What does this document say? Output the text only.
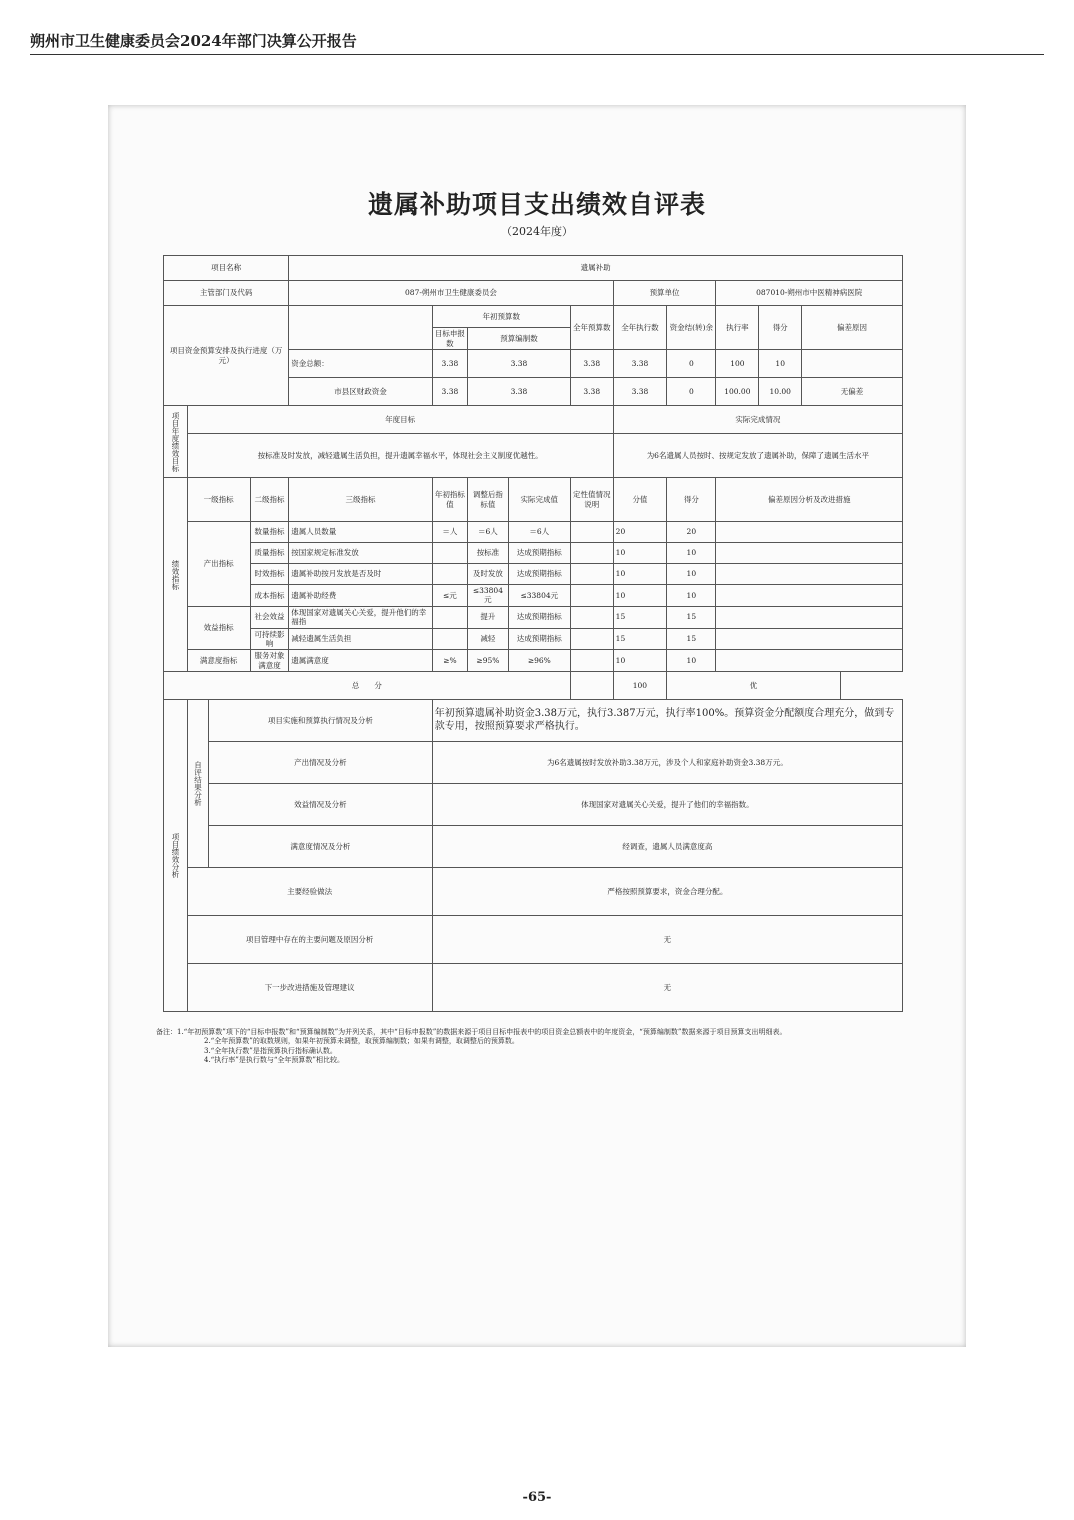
朔州市卫生健康委员会2024年部门决算公开报告
遗属补助项目支出绩效自评表
（2024年度）
项目名称				遗属补助									
主管部门及代码				087-朔州市卫生健康委员会					预算单位		087010-朔州市中医精神病医院		
项目资金预算安排及执行进度（万元）					年初预算数			全年预算数	全年执行数	资金结(转)余	执行率	得分	偏差原因
					目标申报数	预算编制数							
				资金总额：	3.38	3.38		3.38	3.38	0	100	10	
				市县区财政资金	3.38	3.38		3.38	3.38	0	100.00	10.00	无偏差
项目年度绩效目标	年度目标								实际完成情况				
	按标准及时发放，减轻遗属生活负担，提升遗属幸福水平，体现社会主义制度优越性。								为6名遗属人员按时、按规定发放了遗属补助，保障了遗属生活水平				
绩效指标	一级指标		二级指标	三级指标	年初指标值	调整后指标值	实际完成值	定性值情况说明	分值	得分	偏差原因分析及改进措施		
	产出指标		数量指标	遗属人员数量	＝人	＝6人	＝6人		20	20			
			质量指标	按国家规定标准发放		按标准	达成预期指标		10	10			
			时效指标	遗属补助按月发放是否及时		及时发放	达成预期指标		10	10			
			成本指标	遗属补助经费	≤元	≤33804元	≤33804元		10	10			
	效益指标		社会效益	体现国家对遗属关心关爱，提升他们的幸福指		提升	达成预期指标		15	15			
			可持续影响	减轻遗属生活负担		减轻	达成预期指标		15	15			
	满意度指标		服务对象满意度	遗属满意度	≥%	≥95%	≥96%		10	10			
总　　分									100	优			
项目绩效分析	自评结果分析	项目实施和预算执行情况及分析			年初预算遗属补助资金3.38万元，执行3.387万元，执行率100%。预算资金分配额度合理充分，做到专款专用，按照预算要求严格执行。								
		产出情况及分析			为6名遗属按时发放补助3.38万元，涉及个人和家庭补助资金3.38万元。								
		效益情况及分析			体现国家对遗属关心关爱，提升了他们的幸福指数。								
		满意度情况及分析			经调查，遗属人员满意度高								
	主要经验做法				严格按照预算要求，资金合理分配。								
	项目管理中存在的主要问题及原因分析				无								
	下一步改进措施及管理建议				无								
备注：1.“年初预算数”项下的“目标申报数”和“预算编制数”为并列关系，其中“目标申报数”的数据来源于项目目标申报表中的项目资金总额表中的年度资金，“预算编制数”数据来源于项目预算支出明细表。
2.“全年预算数”的取数规则，如果年初预算未调整，取预算编制数；如果有调整，取调整后的预算数。
3.“全年执行数”是指预算执行指标确认数。
4.“执行率”是执行数与“全年预算数”相比较。
-65-
